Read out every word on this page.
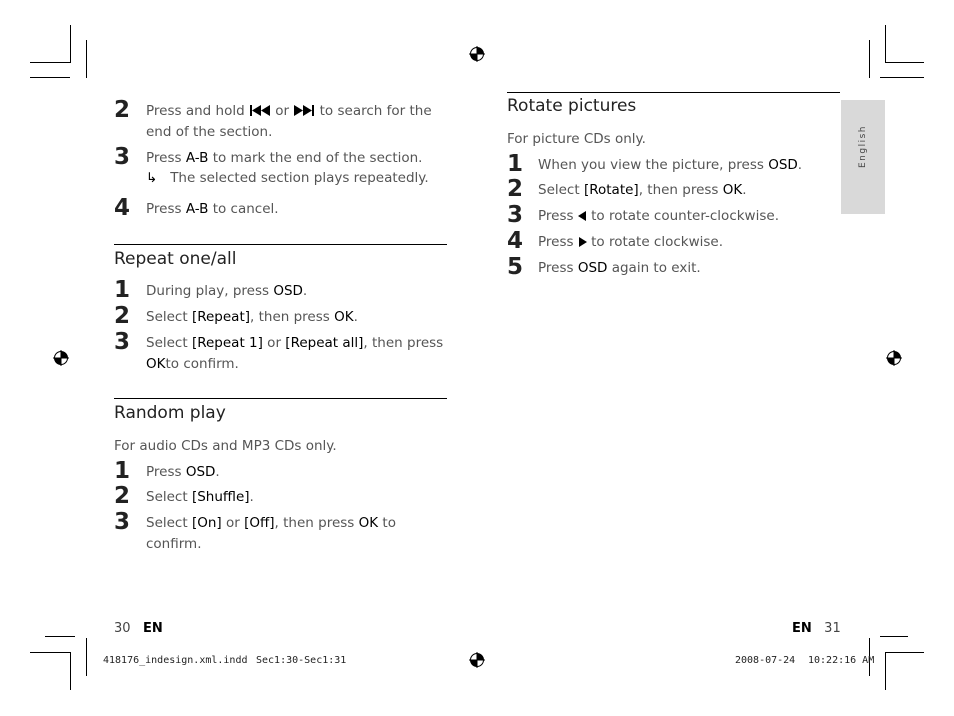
2 Press and hold  or  to search for the end of the section.
3 Press A-B to mark the end of the section.
↳ The selected section plays repeatedly.
4 Press A-B to cancel.
Repeat one/all
1 During play, press OSD.
2 Select [Repeat], then press OK.
3 Select [Repeat 1] or [Repeat all], then press OKto confirm.
Random play
For audio CDs and MP3 CDs only.
1 Press OSD.
2 Select [Shuffle].
3 Select [On] or [Off], then press OK to confirm.
30 EN
Rotate pictures
For picture CDs only.
1 When you view the picture, press OSD.
2 Select [Rotate], then press OK.
3 Press  to rotate counter-clockwise.
4 Press  to rotate clockwise.
5 Press OSD again to exit.
English
EN 31
418176_indesign.xml.indd Sec1:30-Sec1:31	2008-07-24 10:22:16 AM
